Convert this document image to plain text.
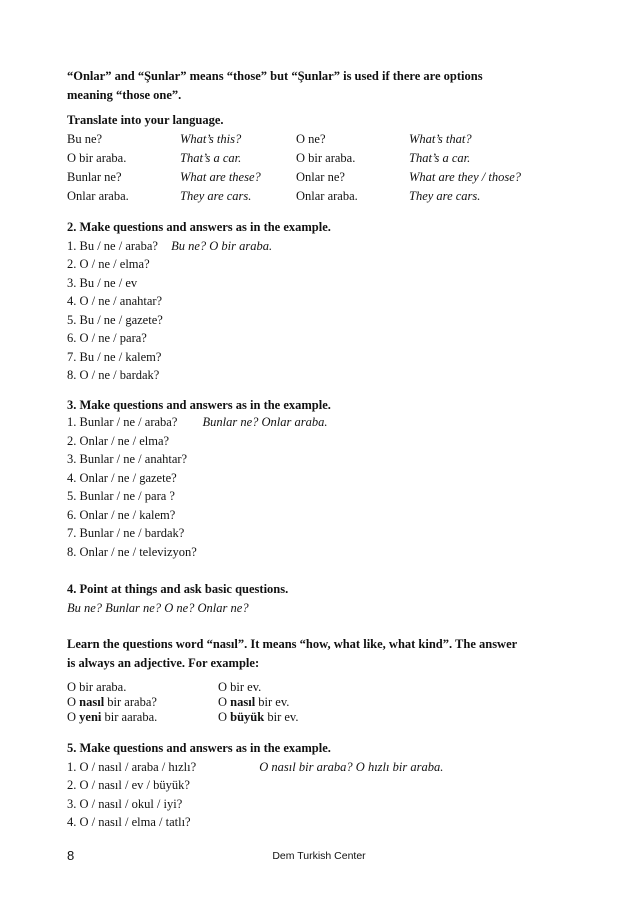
“Onlar” and “Şunlar” means “those” but “Şunlar” is used if there are options
meaning “those one”.
Translate into your language.
Bu ne?	What’s this?	O ne?	What’s that?
O bir araba.	That’s a car.	O bir araba.	That’s a car.
Bunlar ne?	What are these?	Onlar ne?	What are they / those?
Onlar araba.	They are cars.	Onlar araba.	They are cars.
2. Make questions and answers as in the example.
1. Bu / ne / araba? Bu ne? O bir araba.
2. O / ne / elma?
3. Bu / ne / ev
4. O / ne / anahtar?
5. Bu / ne / gazete?
6. O / ne / para?
7. Bu / ne / kalem?
8. O / ne / bardak?
3. Make questions and answers as in the example.
1. Bunlar / ne / araba? Bunlar ne? Onlar araba.
2. Onlar / ne / elma?
3. Bunlar / ne / anahtar?
4. Onlar / ne / gazete?
5. Bunlar / ne / para ?
6. Onlar / ne / kalem?
7. Bunlar / ne / bardak?
8. Onlar / ne / televizyon?
4. Point at things and ask basic questions.
Bu ne? Bunlar ne? O ne? Onlar ne?
Learn the questions word “nasıl”. It means “how, what like, what kind”. The answer
is always an adjective. For example:
O bir araba.	O bir ev.
O nasıl bir araba?	O nasıl bir ev.
O yeni bir aaraba.	O büyük bir ev.
5. Make questions and answers as in the example.
1. O / nasıl / araba / hızlı?	O nasıl bir araba? O hızlı bir araba.
2. O / nasıl / ev / büyük?
3. O / nasıl / okul / iyi?
4. O / nasıl / elma / tatlı?
8	Dem Turkish Center
